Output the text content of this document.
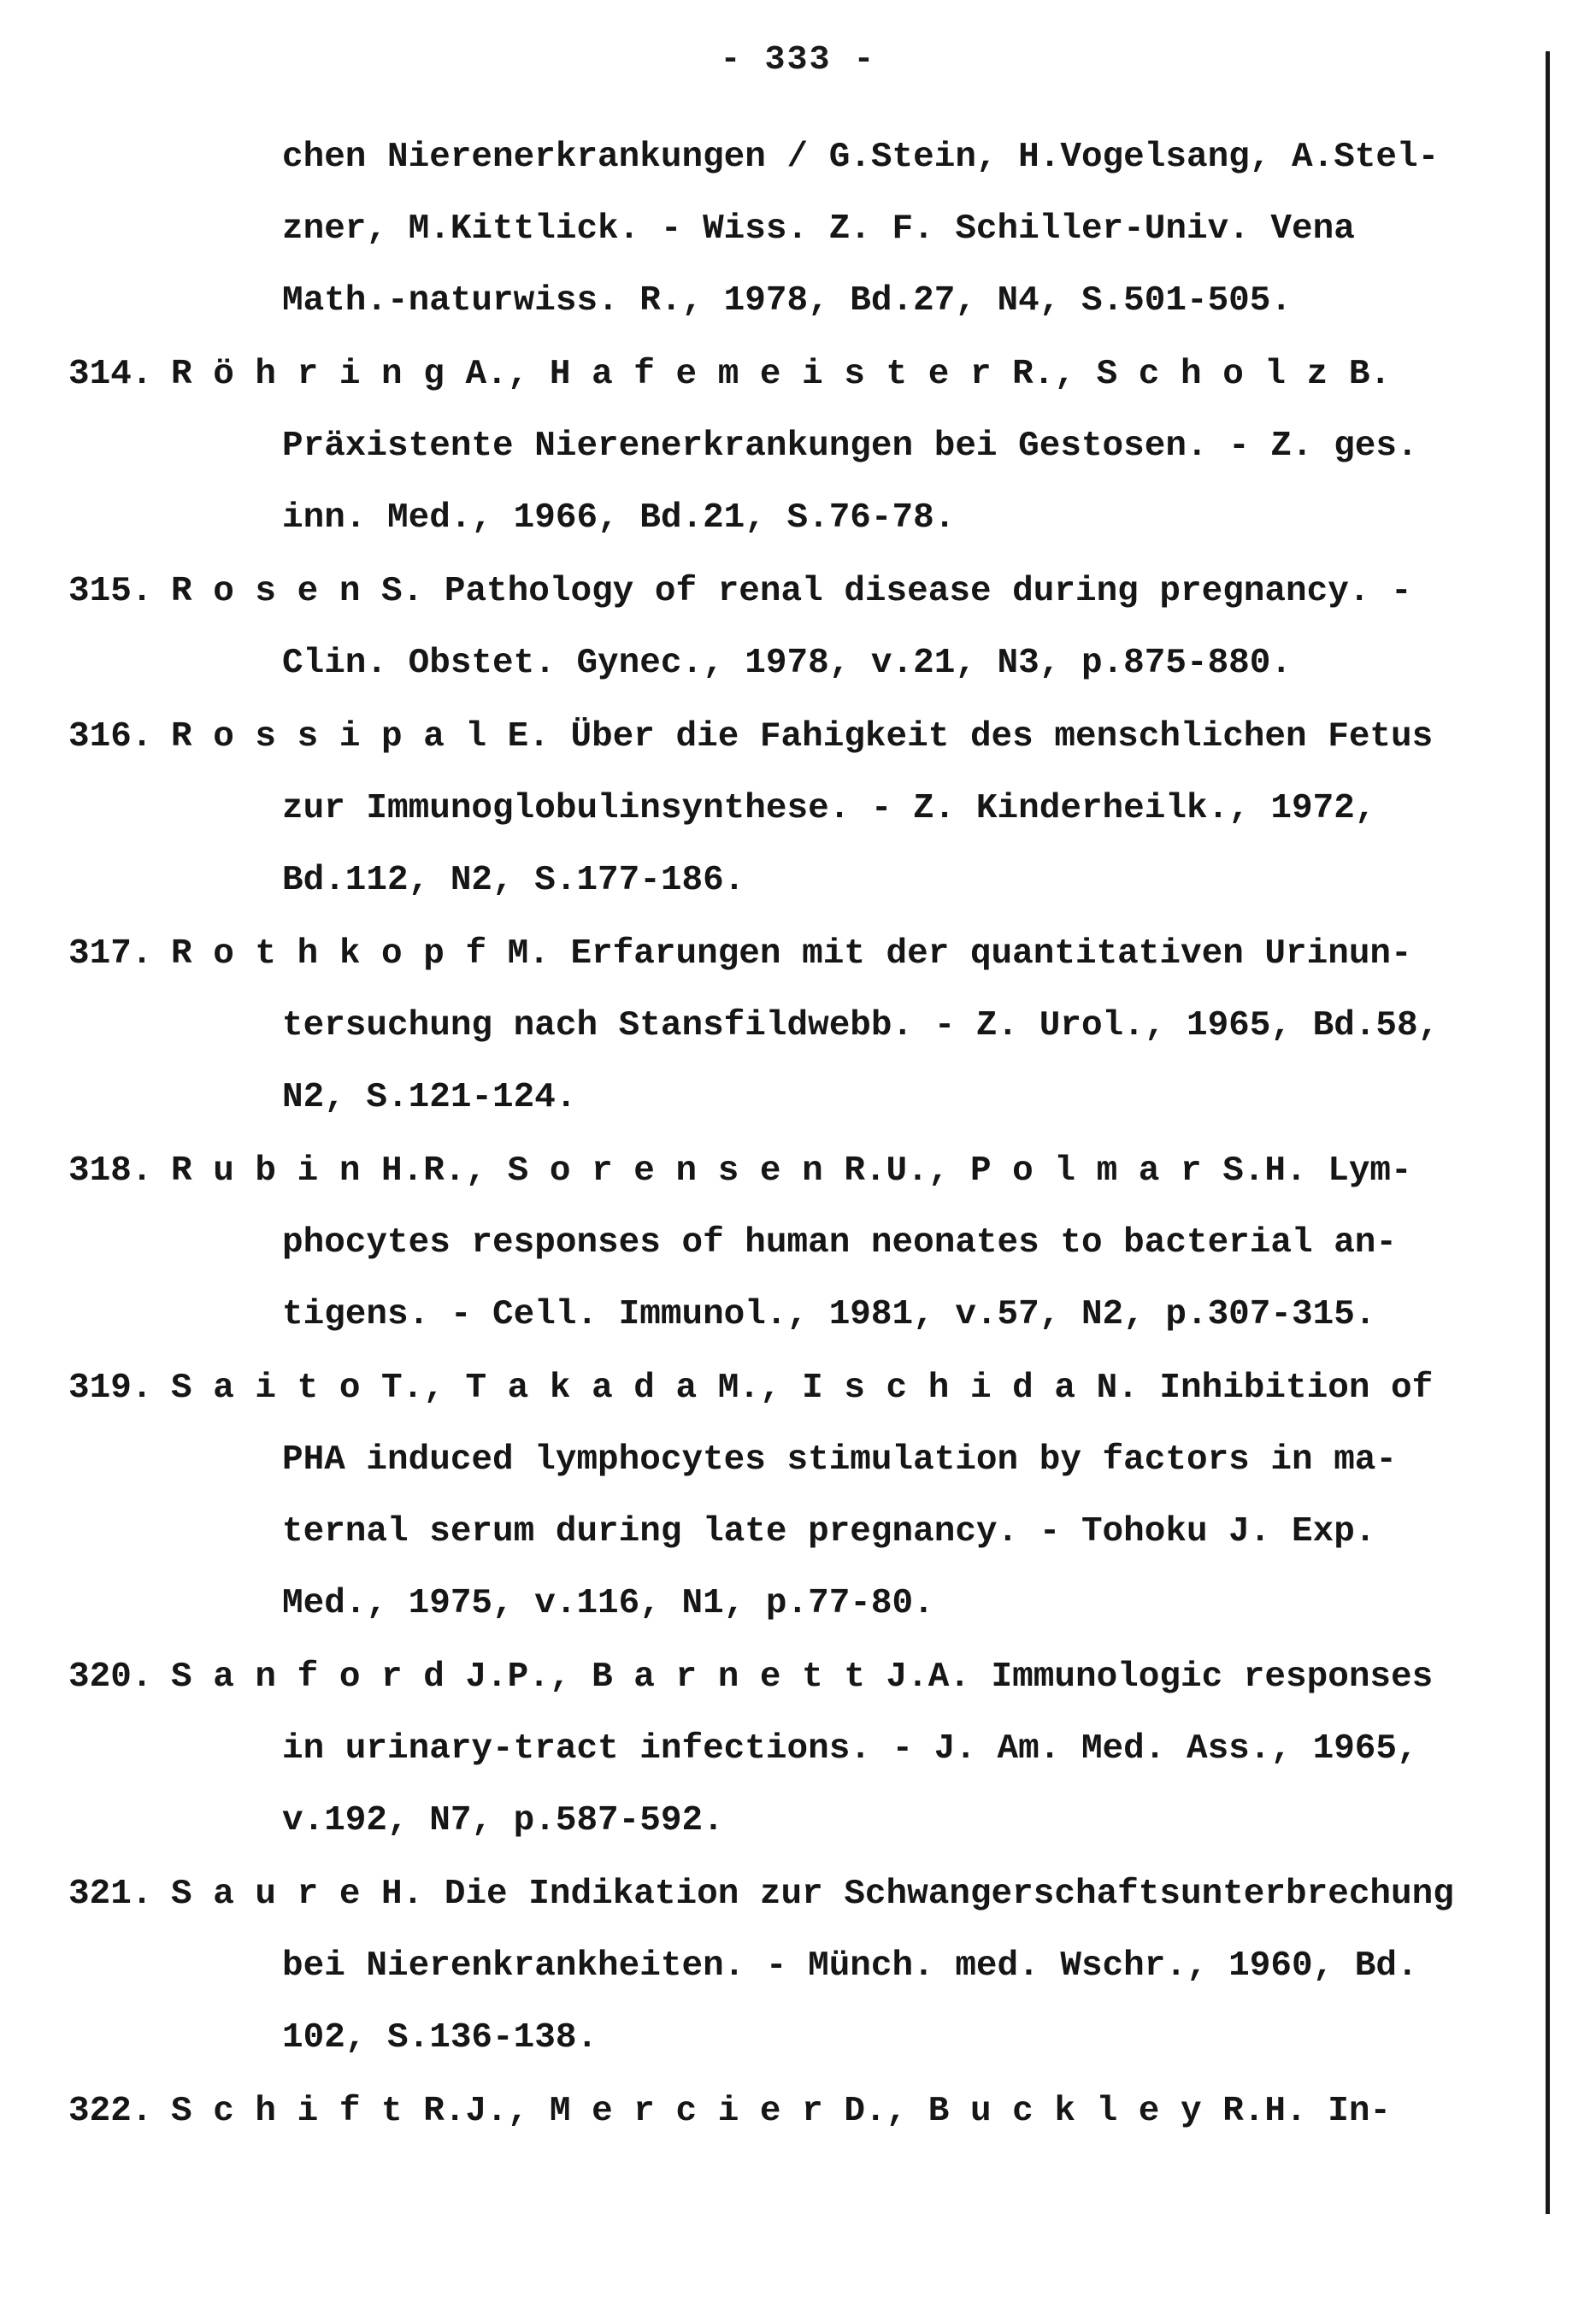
- 333 -
chen Nierenerkrankungen / G.Stein, H.Vogelsang, A.Stel-
zner, M.Kittlick. - Wiss. Z. F. Schiller-Univ. Vena
Math.-naturwiss. R., 1978, Bd.27, N4, S.501-505.
314. R ö h r i n g A., H a f e m e i s t e r R., S c h o l z B.
Präxistente Nierenerkrankungen bei Gestosen. - Z. ges.
inn. Med., 1966, Bd.21, S.76-78.
315. R o s e n S. Pathology of renal disease during pregnancy. -
Clin. Obstet. Gynec., 1978, v.21, N3, p.875-880.
316. R o s s i p a l E. Über die Fahigkeit des menschlichen Fetus
zur Immunoglobulinsynthese. - Z. Kinderheilk., 1972,
Bd.112, N2, S.177-186.
317. R o t h k o p f M. Erfarungen mit der quantitativen Urinun-
tersuchung nach Stansfildwebb. - Z. Urol., 1965, Bd.58,
N2, S.121-124.
318. R u b i n H.R., S o r e n s e n R.U., P o l m a r S.H. Lym-
phocytes responses of human neonates to bacterial an-
tigens. - Cell. Immunol., 1981, v.57, N2, p.307-315.
319. S a i t o T., T a k a d a M., I s c h i d a N. Inhibition of
PHA induced lymphocytes stimulation by factors in ma-
ternal serum during late pregnancy. - Tohoku J. Exp.
Med., 1975, v.116, N1, p.77-80.
320. S a n f o r d J.P., B a r n e t t J.A. Immunologic responses
in urinary-tract infections. - J. Am. Med. Ass., 1965,
v.192, N7, p.587-592.
321. S a u r e H. Die Indikation zur Schwangerschaftsunterbrechung
bei Nierenkrankheiten. - Münch. med. Wschr., 1960, Bd.
102, S.136-138.
322. S c h i f t R.J., M e r c i e r D., B u c k l e y R.H. In-
